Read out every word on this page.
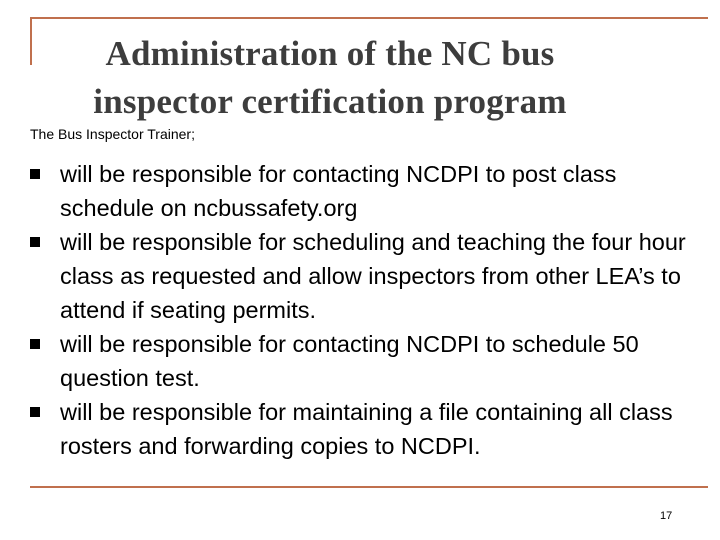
Administration of the NC bus
inspector certification program
The Bus Inspector Trainer;
will be responsible for contacting NCDPI to post class schedule on ncbussafety.org
will be responsible for scheduling and teaching the four hour class as requested and allow inspectors from other LEA’s to attend if seating permits.
will be responsible for contacting NCDPI to schedule 50 question test.
will be responsible for maintaining a file containing all class rosters and forwarding copies to NCDPI.
17
